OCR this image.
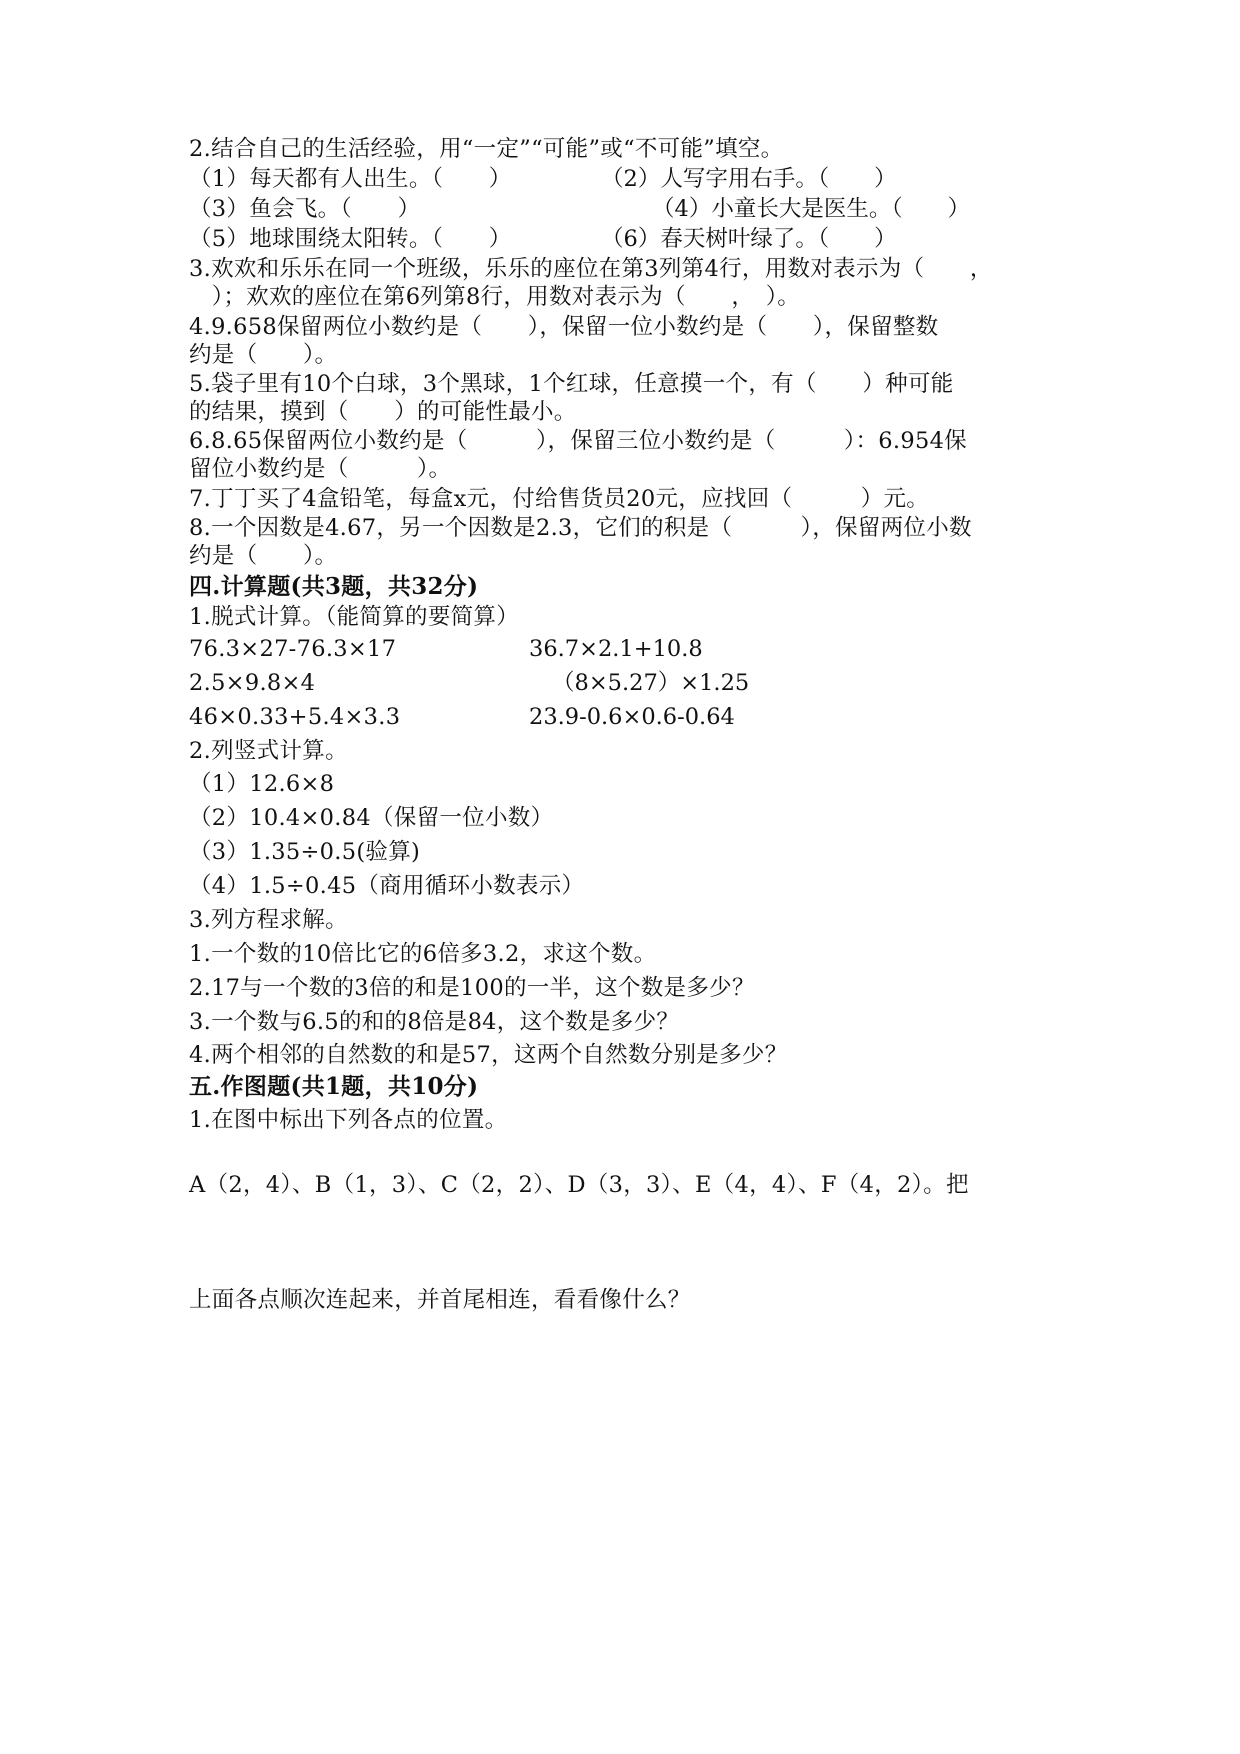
2.结合自己的生活经验，用“一定”“可能”或“不可能”填空。
（1）每天都有人出生。（　　）	（2）人写字用右手。（　　）
（3）鱼会飞。（　　）	（4）小童长大是医生。（　　）
（5）地球围绕太阳转。（　　）	（6）春天树叶绿了。（　　）
3.欢欢和乐乐在同一个班级，乐乐的座位在第3列第4行，用数对表示为（　　，
　）；欢欢的座位在第6列第8行，用数对表示为（　　，　）。
4.9.658保留两位小数约是（　　），保留一位小数约是（　　），保留整数
约是（　　）。
5.袋子里有10个白球，3个黑球，1个红球，任意摸一个，有（　　）种可能
的结果，摸到（　　）的可能性最小。
6.8.65保留两位小数约是（　　　），保留三位小数约是（　　　）：6.954保
留位小数约是（　　　）。
7.丁丁买了4盒铅笔，每盒x元，付给售货员20元，应找回（　　　）元。
8.一个因数是4.67，另一个因数是2.3，它们的积是（　　　），保留两位小数
约是（　　）。
四.计算题(共3题，共32分)
1.脱式计算。（能简算的要简算）
76.3×27-76.3×17	36.7×2.1+10.8
2.5×9.8×4	（8×5.27）×1.25
46×0.33+5.4×3.3	23.9-0.6×0.6-0.64
2.列竖式计算。
（1）12.6×8
（2）10.4×0.84（保留一位小数）
（3）1.35÷0.5(验算)
（4）1.5÷0.45（商用循环小数表示）
3.列方程求解。
1.一个数的10倍比它的6倍多3.2，求这个数。
2.17与一个数的3倍的和是100的一半，这个数是多少？
3.一个数与6.5的和的8倍是84，这个数是多少？
4.两个相邻的自然数的和是57，这两个自然数分别是多少？
五.作图题(共1题，共10分)
1.在图中标出下列各点的位置。
A（2，4）、B（1，3）、C（2，2）、D（3，3）、E（4，4）、F（4，2）。把
上面各点顺次连起来，并首尾相连，看看像什么？
